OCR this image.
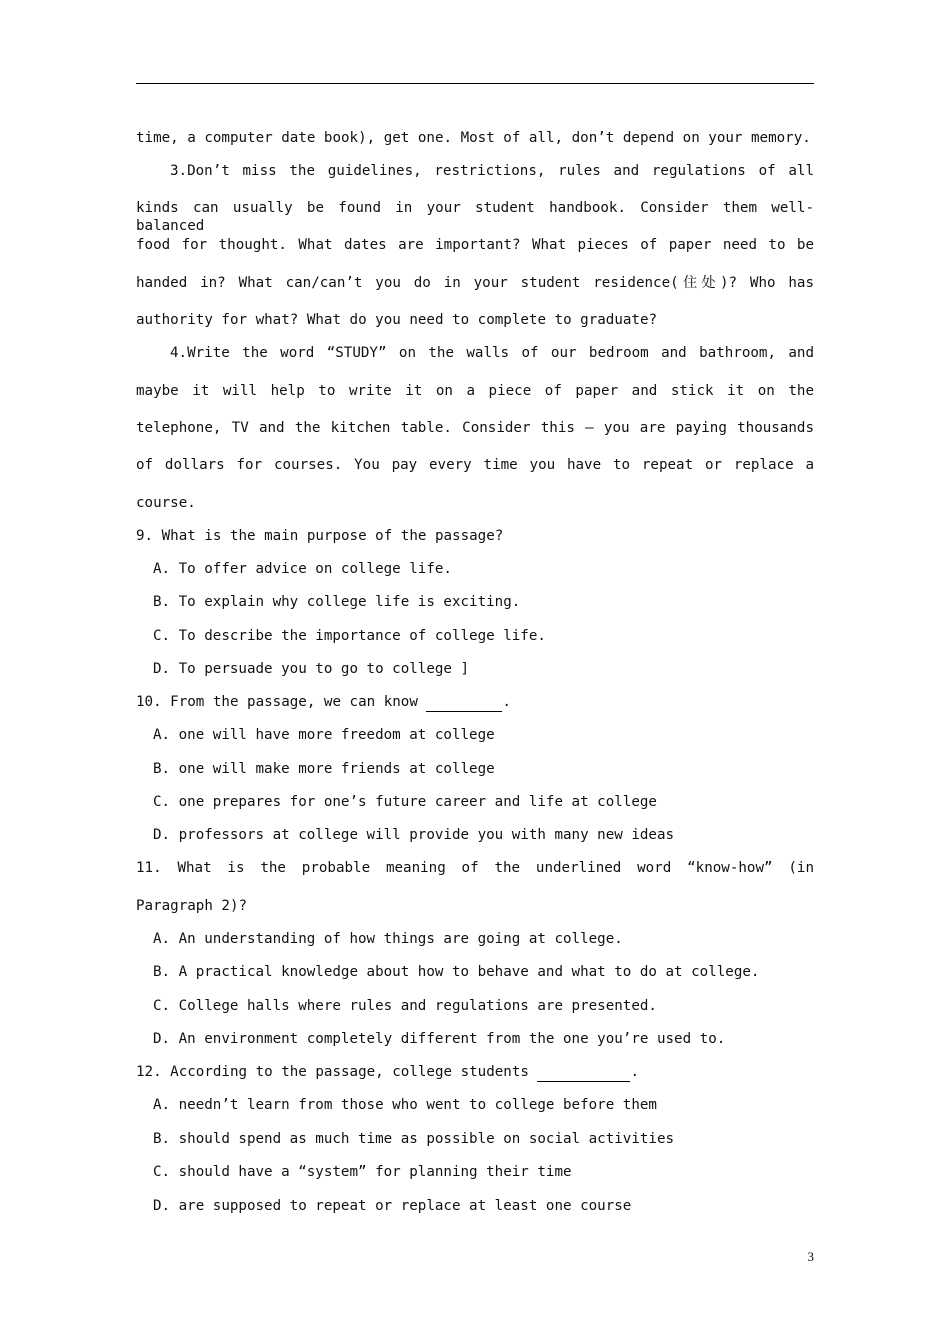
time, a computer date book), get one. Most of all, don’t depend on your memory.
3.Don’t miss the guidelines, restrictions, rules and regulations of all
kinds can usually be found in your student handbook. Consider them well-balanced
food for thought. What dates are important? What pieces of paper need to be
handed in? What can/can’t you do in your student residence(住处)? Who has
authority for what? What do you need to complete to graduate?
4.Write the word “STUDY” on the walls of our bedroom and bathroom, and
maybe it will help to write it on a piece of paper and stick it on the
telephone, TV and the kitchen table. Consider this – you are paying thousands
of dollars for courses. You pay every time you have to repeat or replace a
course.
9. What is the main purpose of the passage?
A. To offer advice on college life.
B. To explain why college life is exciting.
C. To describe the importance of college life.
D. To persuade you to go to college ]
10. From the passage, we can know	.
A. one will have more freedom at college
B. one will make more friends at college
C. one prepares for one’s future career and life at college
D. professors at college will provide you with many new ideas
11. What is the probable meaning of the underlined word “know-how” (in
Paragraph 2)?
A. An understanding of how things are going at college.
B. A practical knowledge about how to behave and what to do at college.
C. College halls where rules and regulations are presented.
D. An environment completely different from the one you’re used to.
12. According to the passage, college students	.
A. needn’t learn from those who went to college before them
B. should spend as much time as possible on social activities
C. should have a “system” for planning their time
D. are supposed to repeat or replace at least one course
3
